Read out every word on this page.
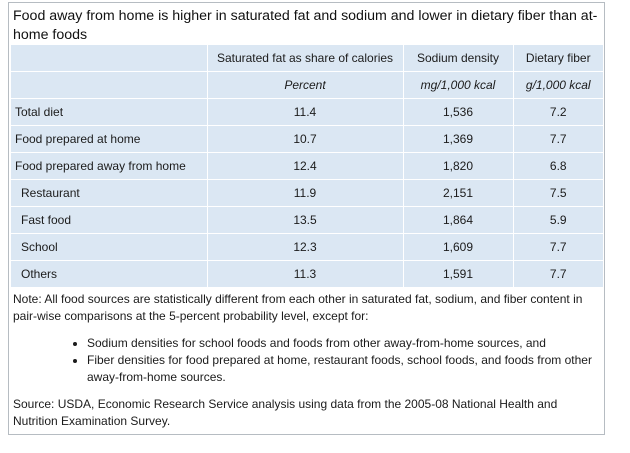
Food away from home is higher in saturated fat and sodium and lower in dietary fiber than at-home foods
	Saturated fat as share of calories	Sodium density	Dietary fiber
	Percent	mg/1,000 kcal	g/1,000 kcal
Total diet	11.4	1,536	7.2
Food prepared at home	10.7	1,369	7.7
Food prepared away from home	12.4	1,820	6.8
Restaurant	11.9	2,151	7.5
Fast food	13.5	1,864	5.9
School	12.3	1,609	7.7
Others	11.3	1,591	7.7

Note: All food sources are statistically different from each other in saturated fat, sodium, and fiber content in pair-wise comparisons at the 5-percent probability level, except for:

• Sodium densities for school foods and foods from other away-from-home sources, and
• Fiber densities for food prepared at home, restaurant foods, school foods, and foods from other away-from-home sources.

Source: USDA, Economic Research Service analysis using data from the 2005-08 National Health and Nutrition Examination Survey.
